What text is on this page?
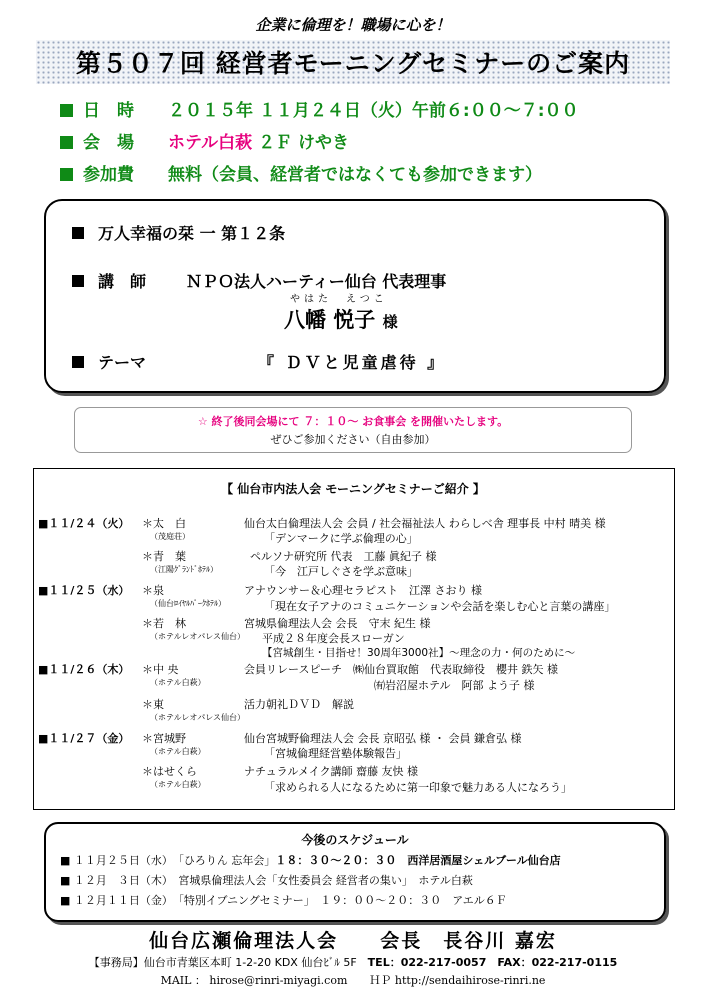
企業に倫理を！職場に心を！
第５０７回 経営者モーニングセミナーのご案内
日　時　　 ２０１５年 １１月２４日（火）午前６:００～７:００
会　場　　 ホテル白萩 ２Ｆ けやき
参加費　　 無料（会員、経営者ではなくても参加できます）
万人幸福の栞 一 第１２条
講　師	ＮＰＯ法人ハーティー仙台 代表理事
やはた　えつこ
八幡 悦子 様
テーマ	『 ＤＶと児童虐待 』
☆ 終了後同会場にて ７：１０～ お食事会 を開催いたします。
ぜひご参加ください（自由参加）
【 仙台市内法人会 モーニングセミナーご紹介 】
■１１/２４（火） ＊太　白
（茂庭荘）
仙台太白倫理法人会 会員 / 社会福祉法人 わらしべ舎 理事長 中村 晴美 様
「デンマークに学ぶ倫理の心」
＊青　葉
（江陽ｸﾞﾗﾝﾄﾞﾎﾃﾙ）
ペルソナ研究所 代表　工藤 眞紀子 様
「今　江戸しぐさを学ぶ意味」
■１１/２５（水） ＊泉
（仙台ﾛｲﾔﾙﾊﾟｰｸﾎﾃﾙ）
アナウンサー＆心理セラピスト　江澤 さおり 様
「現在女子アナのコミュニケーションや会話を楽しむ心と言葉の講座」
＊若　林
（ホテルレオパレス仙台）
宮城県倫理法人会 会長　守末 紀生 様
平成２８年度会長スローガン
【宮城創生・目指せ！30周年3000社】～理念の力・何のために～
■１１/２６（木） ＊中 央
（ホテル白萩）
会員リレースピーチ　㈱仙台買取館　代表取締役　櫻井 鉄矢 様
㈲岩沼屋ホテル　阿部 よう子 様
＊東
（ホテルレオパレス仙台）
活力朝礼ＤＶＤ　解説
■１１/２７（金） ＊宮城野
（ホテル白萩）
仙台宮城野倫理法人会 会長 京昭弘 様 ・ 会員 鎌倉弘 様
「宮城倫理経営塾体験報告」
＊はせくら
（ホテル白萩）
ナチュラルメイク講師 齋藤 友快 様
「求められる人になるために第一印象で魅力ある人になろう」
今後のスケジュール
■ １１月２５日（水）　 「ひろりん 忘年会」１８：３０～２０：３０　西洋居酒屋シェルブール仙台店
■ １２月　３日（木）　 宮城県倫理法人会「女性委員会 経営者の集い」　 ホテル白萩
■ １２月１１日（金）　 「特別イブニングセミナー」　 １９：００～２０：３０　アエル６Ｆ
仙台広瀬倫理法人会　　 会長　長谷川 嘉宏
【事務局】仙台市青葉区本町 1-2-20 KDX 仙台ﾋﾞﾙ 5F　 TEL：022-217-0057　FAX：022-217-0115
MAIL ： hirose@rinri-miyagi.com　　 ＨＰ http://sendaihirose-rinri.ne
